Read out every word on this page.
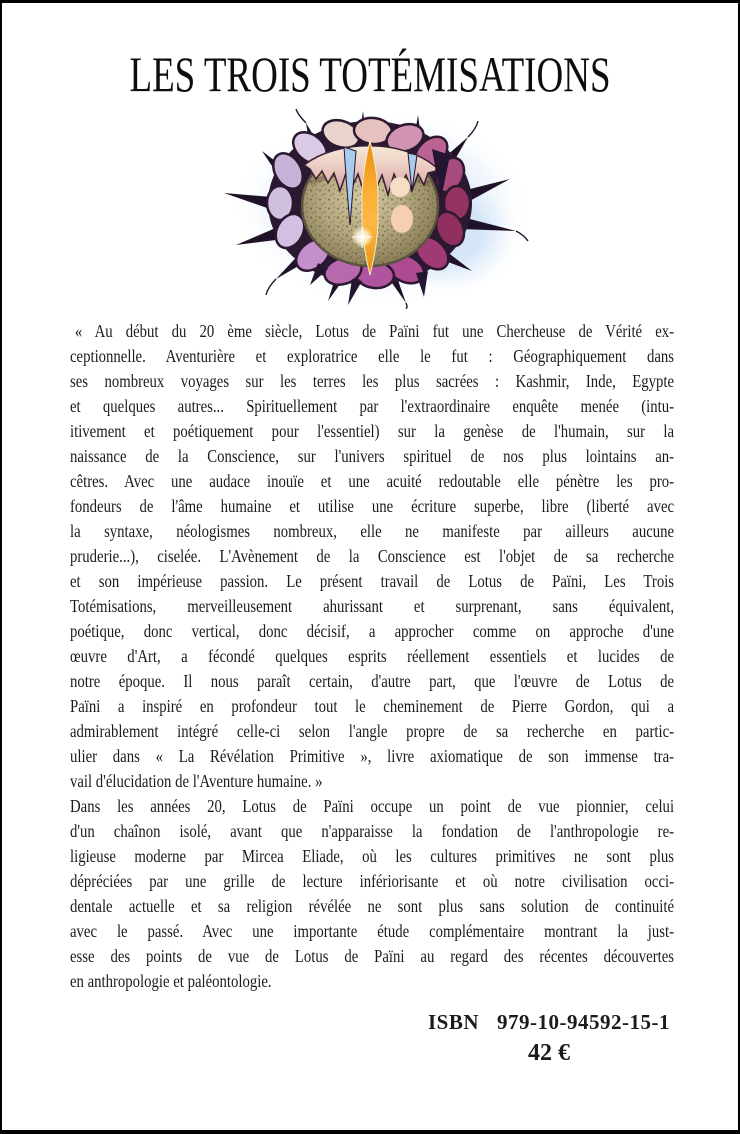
LES TROIS TOTÉMISATIONS
« Au début du 20 ème siècle, Lotus de Païni fut une Chercheuse de Vérité ex-
ceptionnelle. Aventurière et exploratrice elle le fut : Géographiquement dans
ses nombreux voyages sur les terres les plus sacrées : Kashmir, Inde, Egypte
et quelques autres... Spirituellement par l'extraordinaire enquête menée (intu-
itivement et poétiquement pour l'essentiel) sur la genèse de l'humain, sur la
naissance de la Conscience, sur l'univers spirituel de nos plus lointains an-
cêtres. Avec une audace inouïe et une acuité redoutable elle pénètre les pro-
fondeurs de l'âme humaine et utilise une écriture superbe, libre (liberté avec
la syntaxe, néologismes nombreux, elle ne manifeste par ailleurs aucune
pruderie...), ciselée. L'Avènement de la Conscience est l'objet de sa recherche
et son impérieuse passion. Le présent travail de Lotus de Païni, Les Trois
Totémisations, merveilleusement ahurissant et surprenant, sans équivalent,
poétique, donc vertical, donc décisif, a approcher comme on approche d'une
œuvre d'Art, a fécondé quelques esprits réellement essentiels et lucides de
notre époque. Il nous paraît certain, d'autre part, que l'œuvre de Lotus de
Païni a inspiré en profondeur tout le cheminement de Pierre Gordon, qui a
admirablement intégré celle-ci selon l'angle propre de sa recherche en partic-
ulier dans « La Révélation Primitive », livre axiomatique de son immense tra-
vail d'élucidation de l'Aventure humaine. »
Dans les années 20, Lotus de Païni occupe un point de vue pionnier, celui
d'un chaînon isolé, avant que n'apparaisse la fondation de l'anthropologie re-
ligieuse moderne par Mircea Eliade, où les cultures primitives ne sont plus
dépréciées par une grille de lecture infériorisante et où notre civilisation occi-
dentale actuelle et sa religion révélée ne sont plus sans solution de continuité
avec le passé. Avec une importante étude complémentaire montrant la just-
esse des points de vue de Lotus de Païni au regard des récentes découvertes
en anthropologie et paléontologie.
ISBN 979-10-94592-15-1
42 €
